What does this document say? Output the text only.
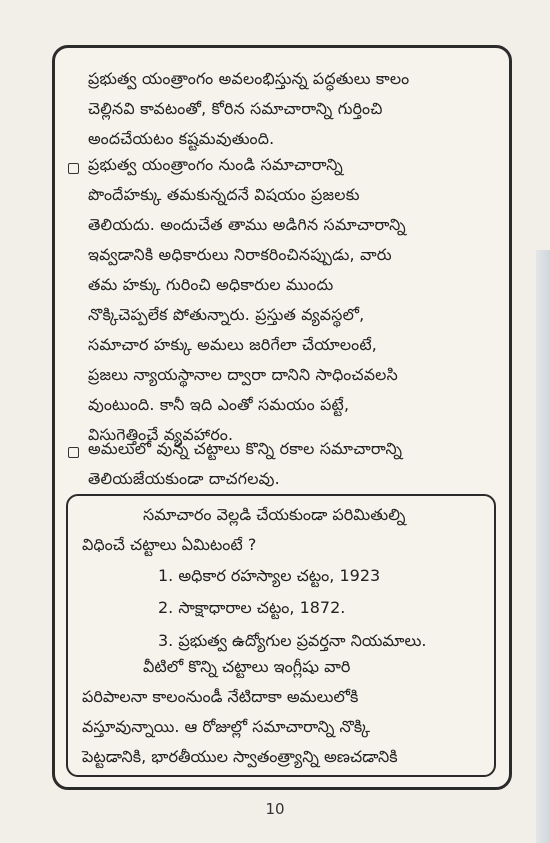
ప్రభుత్వ యంత్రాంగం అవలంభిస్తున్న పద్ధతులు కాలం చెల్లినవి కావటంతో, కోరిన సమాచారాన్ని గుర్తించి అందచేయటం కష్టమవుతుంది.
ప్రభుత్వ యంత్రాంగం నుండి సమాచారాన్ని పొందేహక్కు తమకున్నదనే విషయం ప్రజలకు తెలియదు. అందుచేత తాము అడిగిన సమాచారాన్ని ఇవ్వడానికి అధికారులు నిరాకరించినప్పుడు, వారు తమ హక్కు గురించి అధికారుల ముందు నొక్కిచెప్పలేక పోతున్నారు. ప్రస్తుత వ్యవస్థలో, సమాచార హక్కు అమలు జరిగేలా చేయాలంటే, ప్రజలు న్యాయస్థానాల ద్వారా దానిని సాధించవలసి వుంటుంది. కానీ ఇది ఎంతో సమయం పట్టే, విసుగెత్తించే వ్యవహారం.
అమలులో వున్న చట్టాలు కొన్ని రకాల సమాచారాన్ని తెలియజేయకుండా దాచగలవు.
సమాచారం వెల్లడి చేయకుండా పరిమితుల్ని
విధించే చట్టాలు ఏమిటంటే ?
1. అధికార రహస్యాల చట్టం, 1923
2. సాక్షాధారాల చట్టం, 1872.
3. ప్రభుత్వ ఉద్యోగుల ప్రవర్తనా నియమాలు.
వీటిలో కొన్ని చట్టాలు ఇంగ్లీషు వారి
పరిపాలనా కాలంనుండీ నేటిదాకా అమలులోకి
వస్తూవున్నాయి. ఆ రోజుల్లో సమాచారాన్ని నొక్కి
పెట్టడానికి, భారతీయుల స్వాతంత్ర్యాన్ని అణచడానికి
10
